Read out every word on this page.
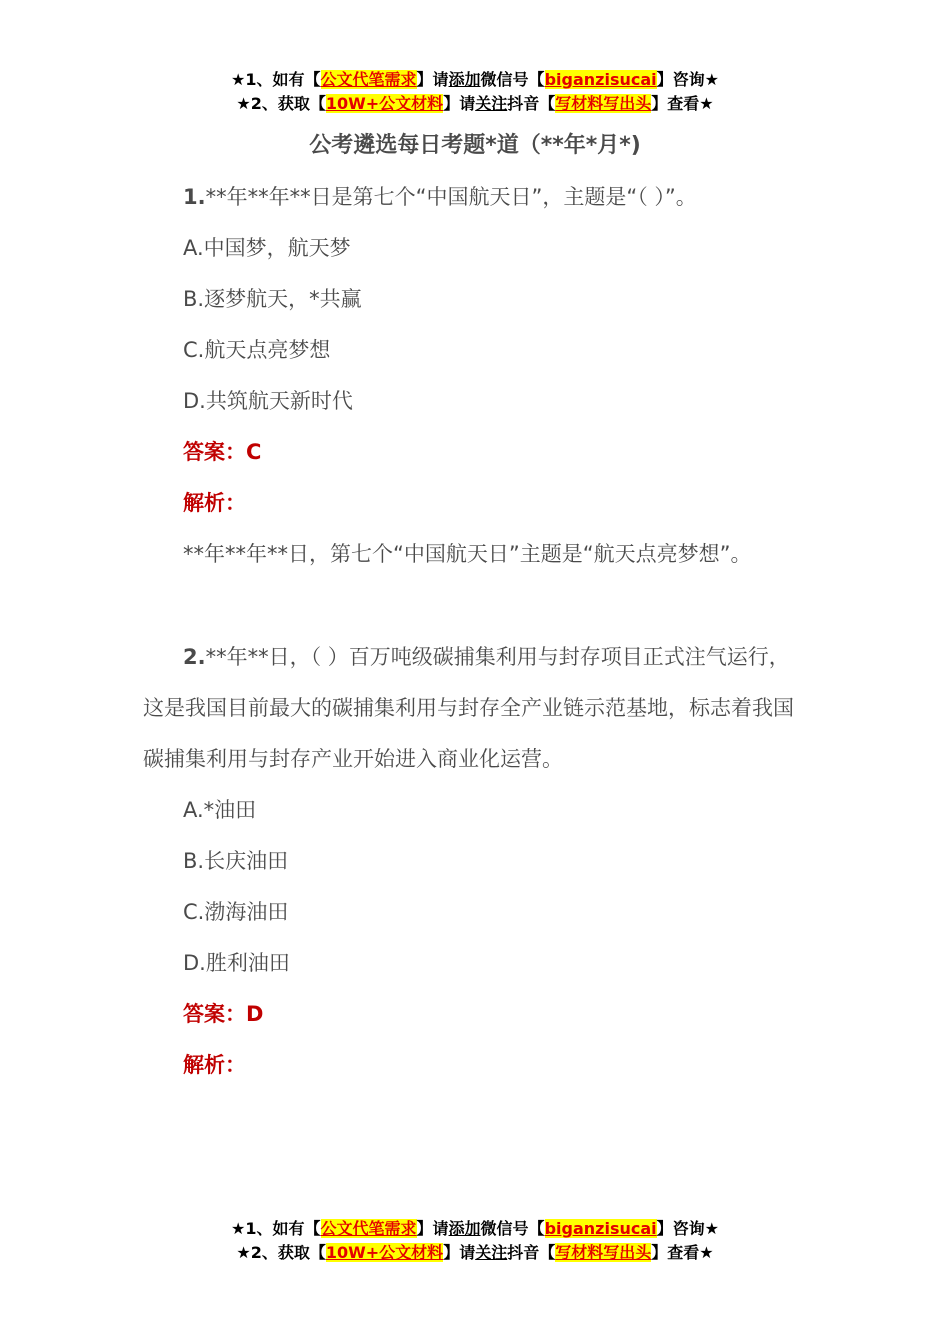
★1、如有【公文代笔需求】请添加微信号【biganzisucai】咨询★
★2、获取【10W+公文材料】请关注抖音【写材料写出头】查看★
公考遴选每日考题*道（**年*月*)

1.**年**年**日是第七个“中国航天日”，主题是“（ ）”。

A.中国梦，航天梦

B.逐梦航天，*共赢

C.航天点亮梦想

D.共筑航天新时代

答案：C

解析：

**年**年**日，第七个“中国航天日”主题是“航天点亮梦想”。

2.**年**日，（ ）百万吨级碳捕集利用与封存项目正式注气运行，这是我国目前最大的碳捕集利用与封存全产业链示范基地，标志着我国碳捕集利用与封存产业开始进入商业化运营。

A.*油田

B.长庆油田

C.渤海油田

D.胜利油田

答案：D

解析：

★1、如有【公文代笔需求】请添加微信号【biganzisucai】咨询★
★2、获取【10W+公文材料】请关注抖音【写材料写出头】查看★
